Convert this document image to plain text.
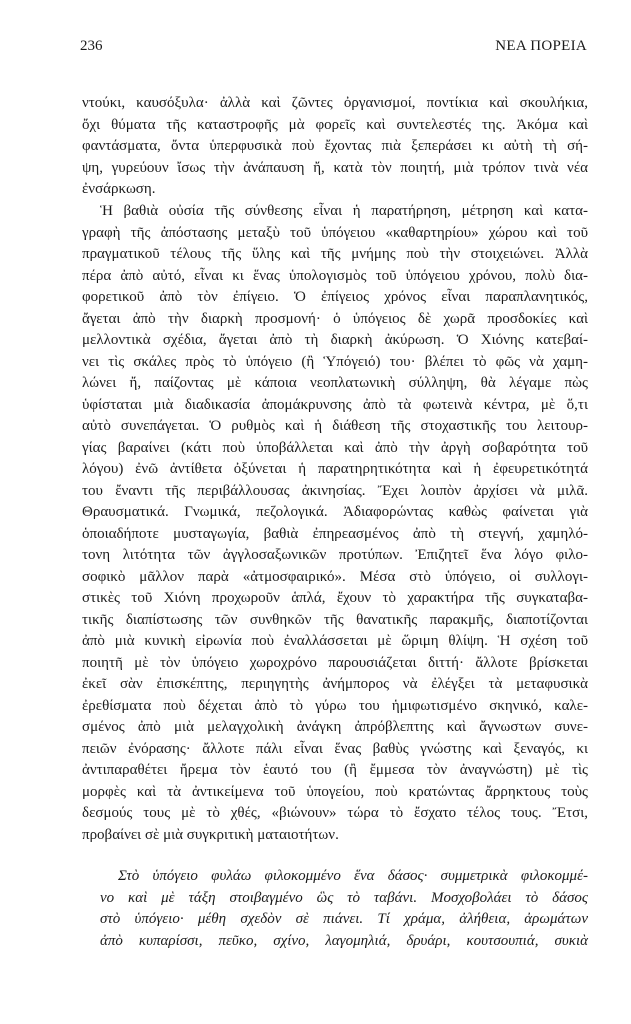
236	ΝΕΑ ΠΟΡΕΙΑ
ντούκι, καυσόξυλα· ἀλλὰ καὶ ζῶντες ὀργανισμοί, ποντίκια καὶ σκουλήκια,
ὄχι θύματα τῆς καταστροφῆς μὰ φορεῖς καὶ συντελεστές της. Ἀκόμα καὶ
φαντάσματα, ὄντα ὑπερφυσικὰ ποὺ ἔχοντας πιὰ ξεπεράσει κι αὐτὴ τὴ σή-
ψη, γυρεύουν ἴσως τὴν ἀνάπαυση ἤ, κατὰ τὸν ποιητή, μιὰ τρόπον τινὰ νέα
ἐνσάρκωση.
Ἡ βαθιὰ οὐσία τῆς σύνθεσης εἶναι ἡ παρατήρηση, μέτρηση καὶ κατα-
γραφὴ τῆς ἀπόστασης μεταξὺ τοῦ ὑπόγειου «καθαρτηρίου» χώρου καὶ τοῦ
πραγματικοῦ τέλους τῆς ὕλης καὶ τῆς μνήμης ποὺ τὴν στοιχειώνει. Ἀλλὰ
πέρα ἀπὸ αὐτό, εἶναι κι ἕνας ὑπολογισμὸς τοῦ ὑπόγειου χρόνου, πολὺ δια-
φορετικοῦ ἀπὸ τὸν ἐπίγειο. Ὁ ἐπίγειος χρόνος εἶναι παραπλανητικός,
ἄγεται ἀπὸ τὴν διαρκὴ προσμονή· ὁ ὑπόγειος δὲ χωρᾶ προσδοκίες καὶ
μελλοντικὰ σχέδια, ἄγεται ἀπὸ τὴ διαρκὴ ἀκύρωση. Ὁ Χιόνης κατεβαί-
νει τὶς σκάλες πρὸς τὸ ὑπόγειο (ἢ Ὑπόγειό) του· βλέπει τὸ φῶς νὰ χαμη-
λώνει ἤ, παίζοντας μὲ κάποια νεοπλατωνικὴ σύλληψη, θὰ λέγαμε πὼς
ὑφίσταται μιὰ διαδικασία ἀπομάκρυνσης ἀπὸ τὰ φωτεινὰ κέντρα, μὲ ὅ,τι
αὐτὸ συνεπάγεται. Ὁ ρυθμὸς καὶ ἡ διάθεση τῆς στοχαστικῆς του λειτουρ-
γίας βαραίνει (κάτι ποὺ ὑποβάλλεται καὶ ἀπὸ τὴν ἀργὴ σοβαρότητα τοῦ
λόγου) ἐνῶ ἀντίθετα ὀξύνεται ἡ παρατηρητικότητα καὶ ἡ ἐφευρετικότητά
του ἔναντι τῆς περιβάλλουσας ἀκινησίας. Ἔχει λοιπὸν ἀρχίσει νὰ μιλᾶ.
Θραυσματικά. Γνωμικά, πεζολογικά. Ἀδιαφορώντας καθὼς φαίνεται γιὰ
ὁποιαδήποτε μυσταγωγία, βαθιὰ ἐπηρεασμένος ἀπὸ τὴ στεγνή, χαμηλό-
τονη λιτότητα τῶν ἀγγλοσαξωνικῶν προτύπων. Ἐπιζητεῖ ἕνα λόγο φιλο-
σοφικὸ μᾶλλον παρὰ «ἀτμοσφαιρικό». Μέσα στὸ ὑπόγειο, οἱ συλλογι-
στικὲς τοῦ Χιόνη προχωροῦν ἁπλά, ἔχουν τὸ χαρακτήρα τῆς συγκαταβα-
τικῆς διαπίστωσης τῶν συνθηκῶν τῆς θανατικῆς παρακμῆς, διαποτίζονται
ἀπὸ μιὰ κυνικὴ εἰρωνία ποὺ ἐναλλάσσεται μὲ ὥριμη θλίψη. Ἡ σχέση τοῦ
ποιητῆ μὲ τὸν ὑπόγειο χωροχρόνο παρουσιάζεται διττή· ἄλλοτε βρίσκεται
ἐκεῖ σὰν ἐπισκέπτης, περιηγητὴς ἀνήμπορος νὰ ἐλέγξει τὰ μεταφυσικὰ
ἐρεθίσματα ποὺ δέχεται ἀπὸ τὸ γύρω του ἡμιφωτισμένο σκηνικό, καλε-
σμένος ἀπὸ μιὰ μελαγχολικὴ ἀνάγκη ἀπρόβλεπτης καὶ ἄγνωστων συνε-
πειῶν ἐνόρασης· ἄλλοτε πάλι εἶναι ἕνας βαθὺς γνώστης καὶ ξεναγός, κι
ἀντιπαραθέτει ἤρεμα τὸν ἑαυτό του (ἢ ἔμμεσα τὸν ἀναγνώστη) μὲ τὶς
μορφὲς καὶ τὰ ἀντικείμενα τοῦ ὑπογείου, ποὺ κρατώντας ἄρρηκτους τοὺς
δεσμούς τους μὲ τὸ χθές, «βιώνουν» τώρα τὸ ἔσχατο τέλος τους. Ἔτσι,
προβαίνει σὲ μιὰ συγκριτικὴ ματαιοτήτων.
Στὸ ὑπόγειο φυλάω φιλοκομμένο ἕνα δάσος· συμμετρικὰ φιλοκομμέ-
νο καὶ μὲ τάξη στοιβαγμένο ὣς τὸ ταβάνι. Μοσχοβολάει τὸ δάσος
στὸ ὑπόγειο· μέθη σχεδὸν σὲ πιάνει. Τί χράμα, ἀλήθεια, ἀρωμάτων
ἀπὸ κυπαρίσσι, πεῦκο, σχίνο, λαγομηλιά, δρυάρι, κουτσουπιά, συκιὰ
